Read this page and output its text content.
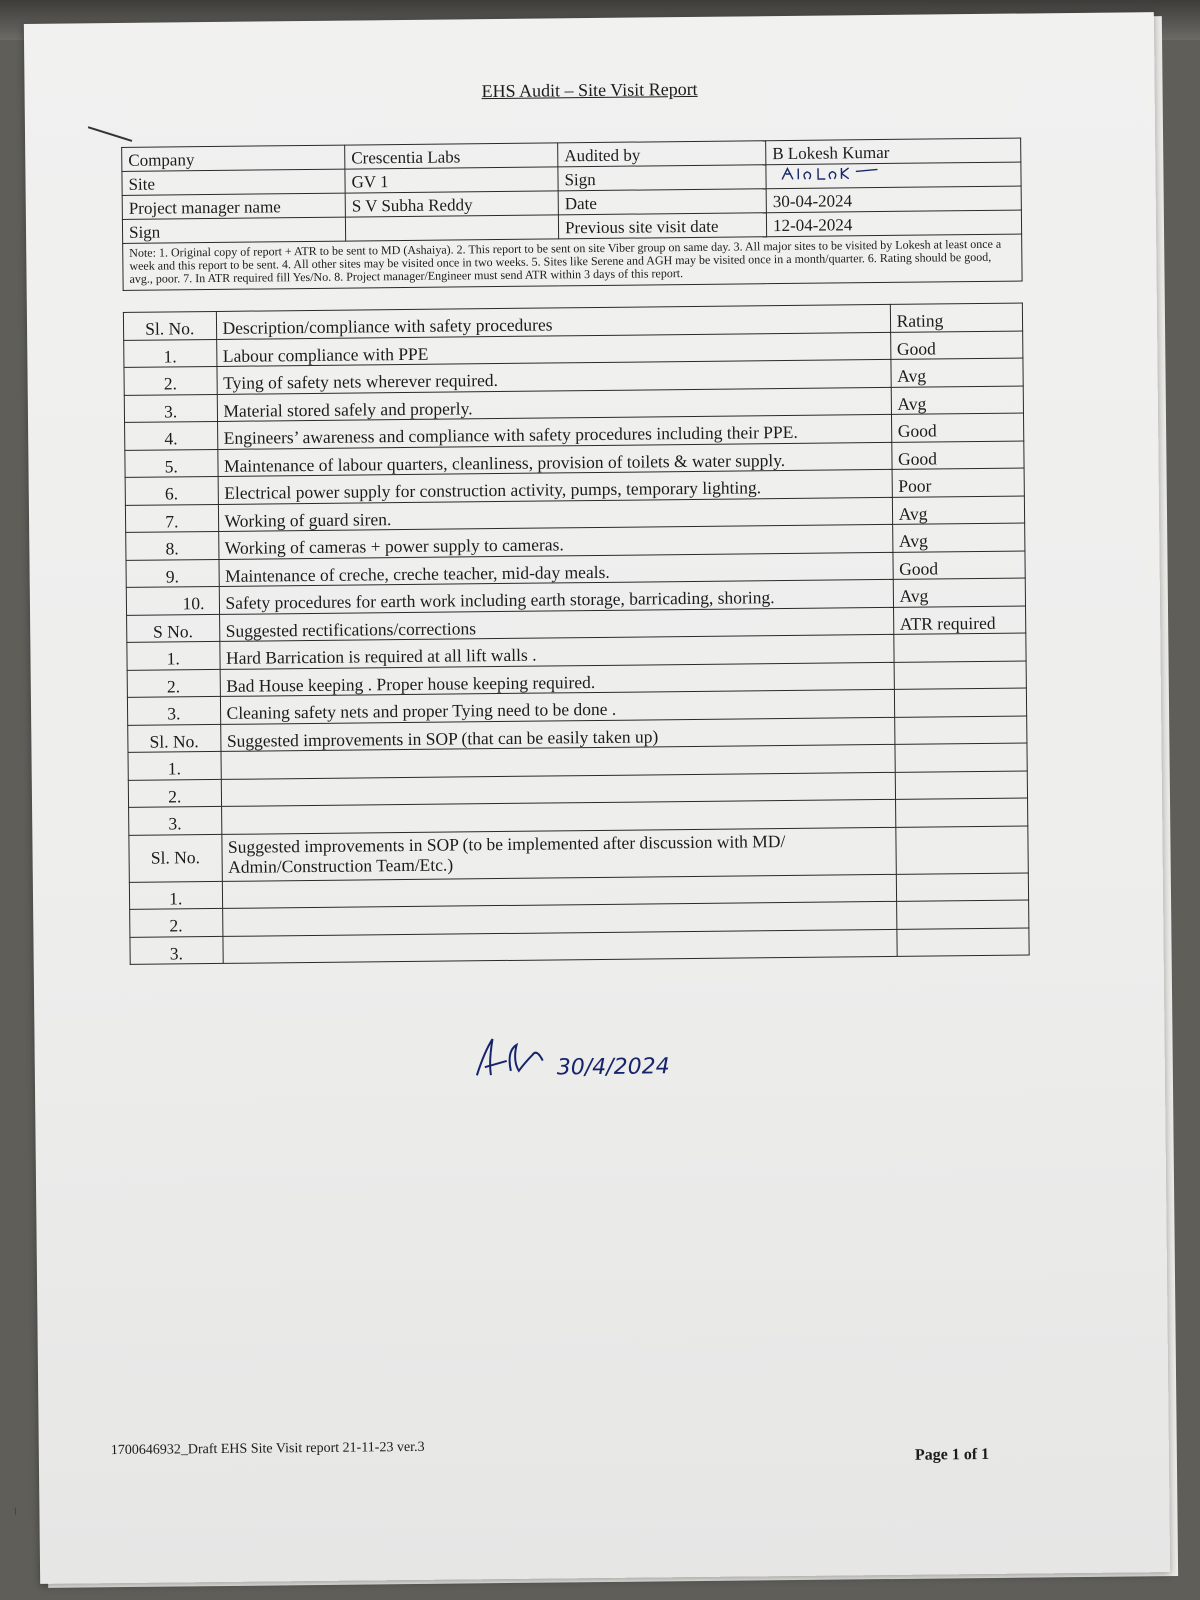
EHS Audit – Site Visit Report
Company	Crescentia Labs	Audited by	B Lokesh Kumar
Site	GV 1	Sign	
Project manager name	S V Subha Reddy	Date	30-04-2024
Sign		Previous site visit date	12-04-2024
Note: 1. Original copy of report + ATR to be sent to MD (Ashaiya). 2. This report to be sent on site Viber group on same day. 3. All major sites to be visited by Lokesh at least once a week and this report to be sent. 4. All other sites may be visited once in two weeks. 5. Sites like Serene and AGH may be visited once in a month/quarter. 6. Rating should be good, avg., poor. 7. In ATR required fill Yes/No. 8. Project manager/Engineer must send ATR within 3 days of this report.			
Sl. No.	Description/compliance with safety procedures	Rating
1.	Labour compliance with PPE	Good
2.	Tying of safety nets wherever required.	Avg
3.	Material stored safely and properly.	Avg
4.	Engineers’ awareness and compliance with safety procedures including their PPE.	Good
5.	Maintenance of labour quarters, cleanliness, provision of toilets & water supply.	Good
6.	Electrical power supply for construction activity, pumps, temporary lighting.	Poor
7.	Working of guard siren.	Avg
8.	Working of cameras + power supply to cameras.	Avg
9.	Maintenance of creche, creche teacher, mid-day meals.	Good
10.	Safety procedures for earth work including earth storage, barricading, shoring.	Avg
S No.	Suggested rectifications/corrections	ATR required
1.	Hard Barrication is required at all lift walls .	
2.	Bad House keeping . Proper house keeping required.	
3.	Cleaning safety nets and proper Tying need to be done .	
Sl. No.	Suggested improvements in SOP (that can be easily taken up)	
1.		
2.		
3.		
Sl. No.	Suggested improvements in SOP (to be implemented after discussion with MD/ Admin/Construction Team/Etc.)	
1.		
2.		
3.		
30/4/2024
1700646932_Draft EHS Site Visit report 21-11-23 ver.3	Page 1 of 1
ꞁ
